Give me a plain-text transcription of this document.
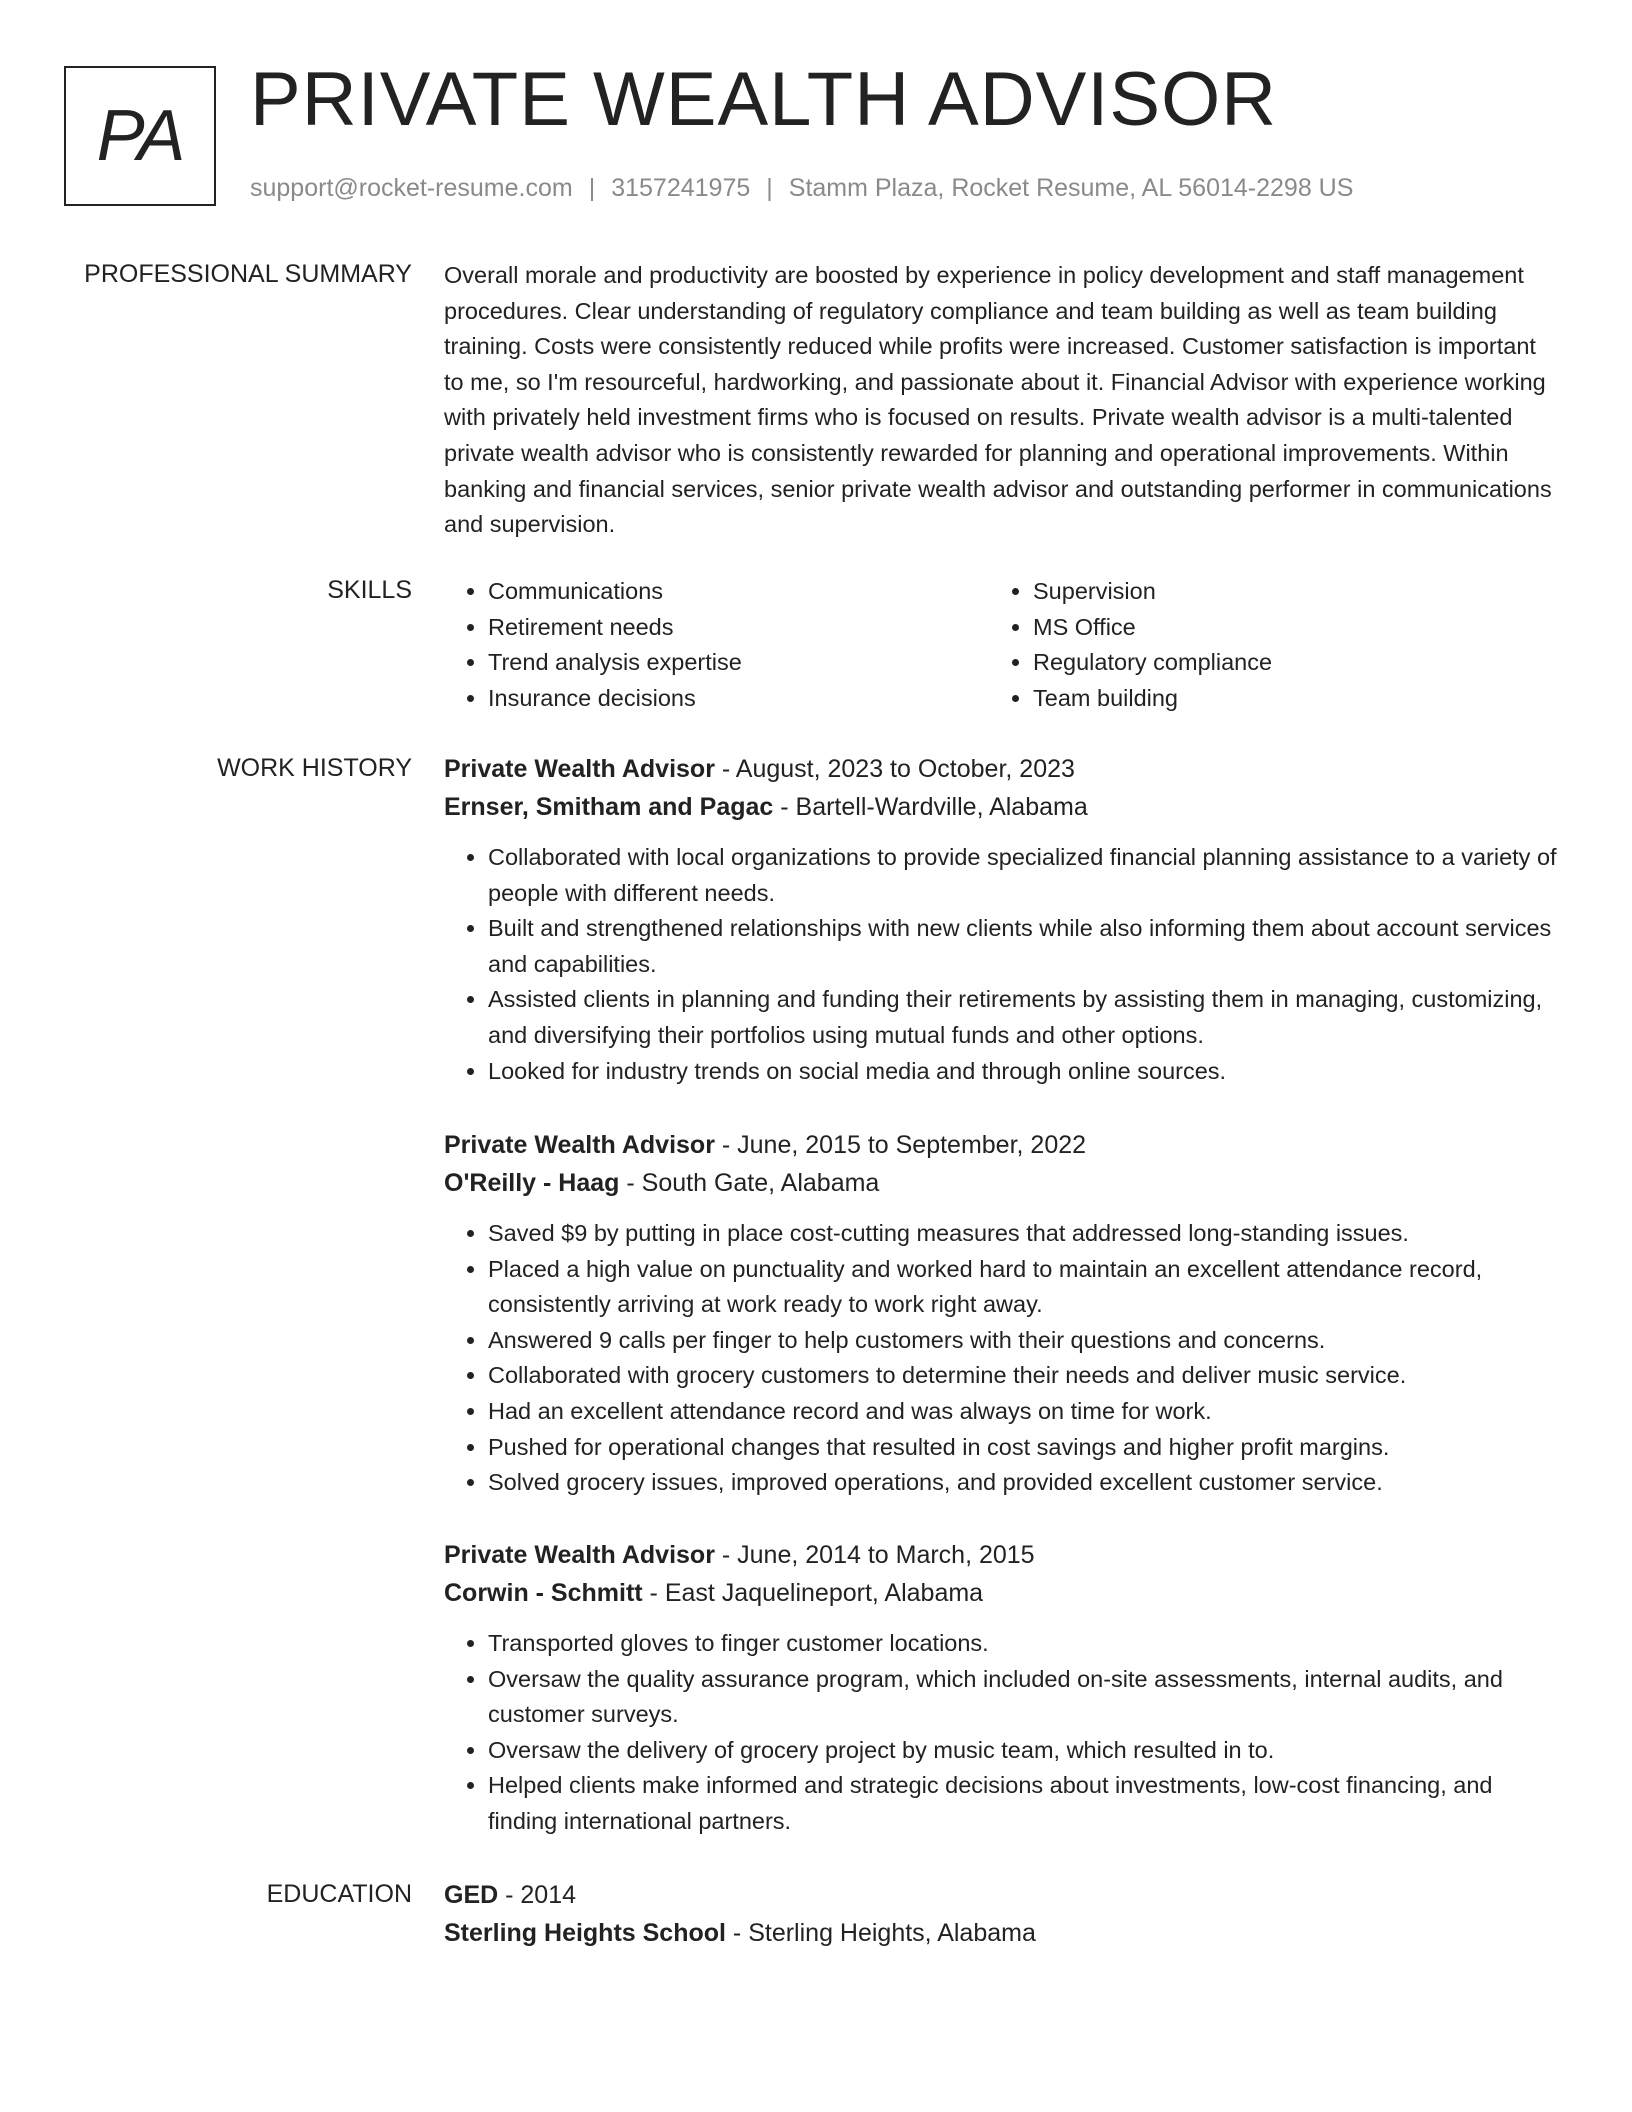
PA PRIVATE WEALTH ADVISOR
support@rocket-resume.com | 3157241975 | Stamm Plaza, Rocket Resume, AL 56014-2298 US
PROFESSIONAL SUMMARY Overall morale and productivity are boosted by experience in policy development and staff management procedures. Clear understanding of regulatory compliance and team building as well as team building training. Costs were consistently reduced while profits were increased. Customer satisfaction is important to me, so I'm resourceful, hardworking, and passionate about it. Financial Advisor with experience working with privately held investment firms who is focused on results. Private wealth advisor is a multi-talented private wealth advisor who is consistently rewarded for planning and operational improvements. Within banking and financial services, senior private wealth advisor and outstanding performer in communications and supervision.

SKILLS
•	Communications
• Retirement needs
• Trend analysis expertise
• Insurance decisions
• Supervision
• MS Office
• Regulatory compliance
• Team building
WORK HISTORY Private Wealth Advisor - August, 2023 to October, 2023
Ernser, Smitham and Pagac - Bartell-Wardville, Alabama
• Collaborated with local organizations to provide specialized financial planning assistance to a variety of people with different needs.
• Built and strengthened relationships with new clients while also informing them about account services and capabilities.
• Assisted clients in planning and funding their retirements by assisting them in managing, customizing, and diversifying their portfolios using mutual funds and other options.
• Looked for industry trends on social media and through online sources.
Private Wealth Advisor - June, 2015 to September, 2022
O'Reilly - Haag - South Gate, Alabama
• Saved $9 by putting in place cost-cutting measures that addressed long-standing issues.
• Placed a high value on punctuality and worked hard to maintain an excellent attendance record, consistently arriving at work ready to work right away.
• Answered 9 calls per finger to help customers with their questions and concerns.
• Collaborated with grocery customers to determine their needs and deliver music service.
• Had an excellent attendance record and was always on time for work.
• Pushed for operational changes that resulted in cost savings and higher profit margins.
• Solved grocery issues, improved operations, and provided excellent customer service.
Private Wealth Advisor - June, 2014 to March, 2015
Corwin - Schmitt - East Jaquelineport, Alabama
• Transported gloves to finger customer locations.
• Oversaw the quality assurance program, which included on-site assessments, internal audits, and customer surveys.
• Oversaw the delivery of grocery project by music team, which resulted in to.
• Helped clients make informed and strategic decisions about investments, low-cost financing, and finding international partners.
EDUCATION GED - 2014
Sterling Heights School - Sterling Heights, Alabama
